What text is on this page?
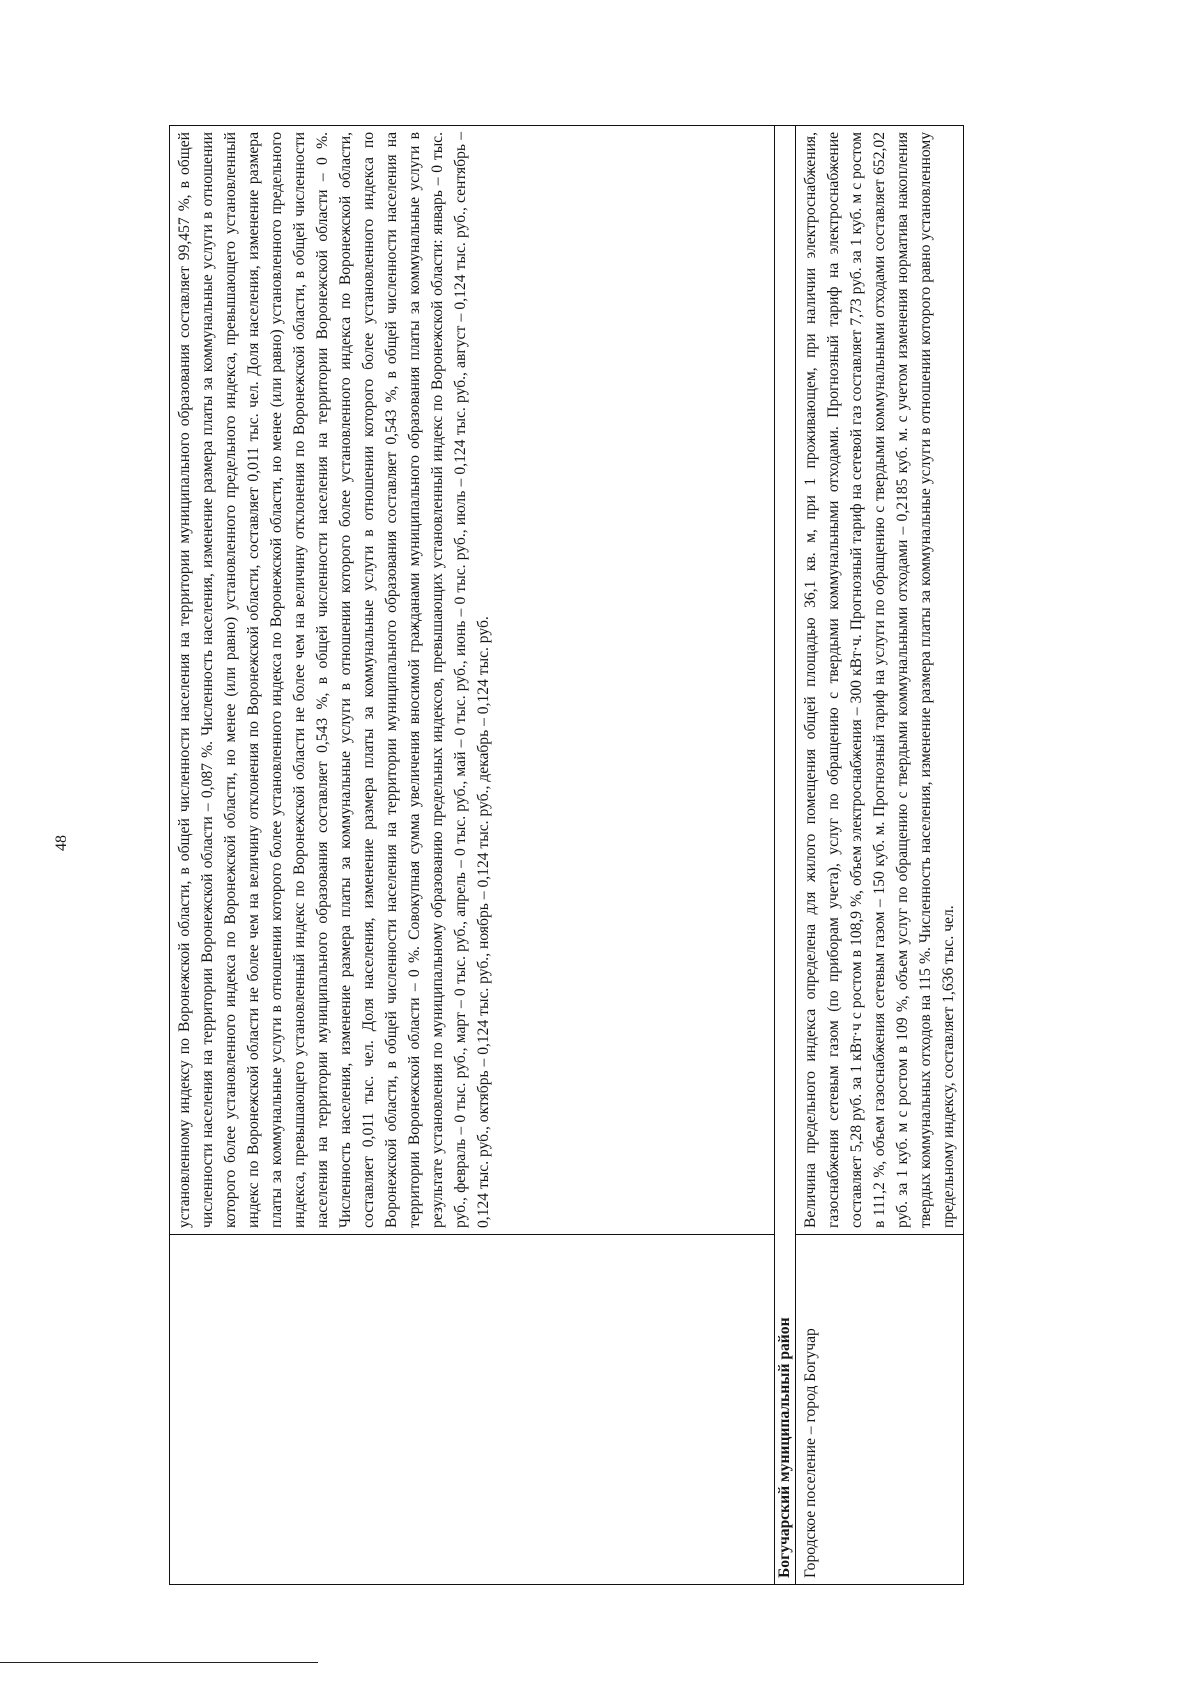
48

	установленному индексу по Воронежской области, в общей численности населения на территории муниципального образования составляет 99,457 %, в общей численности населения на территории Воронежской области – 0,087 %. Численность населения, изменение размера платы за коммунальные услуги в отношении которого более установленного индекса по Воронежской области, но менее (или равно) установленного предельного индекса, превышающего установленный индекс по Воронежской области не более чем на величину отклонения по Воронежской области, составляет 0,011 тыс. чел. Доля населения, изменение размера платы за коммунальные услуги в отношении которого более установленного индекса по Воронежской области, но менее (или равно) установленного предельного индекса, превышающего установленный индекс по Воронежской области не более чем на величину отклонения по Воронежской области, в общей численности населения на территории муниципального образования составляет 0,543 %, в общей численности населения на территории Воронежской области – 0 %. Численность населения, изменение размера платы за коммунальные услуги в отношении которого более установленного индекса по Воронежской области, составляет 0,011 тыс. чел. Доля населения, изменение размера платы за коммунальные услуги в отношении которого более установленного индекса по Воронежской области, в общей численности населения на территории муниципального образования составляет 0,543 %, в общей численности населения на территории Воронежской области – 0 %. Совокупная сумма увеличения вносимой гражданами муниципального образования платы за коммунальные услуги в результате установления по муниципальному образованию предельных индексов, превышающих установленный индекс по Воронежской области: январь – 0 тыс. руб., февраль – 0 тыс. руб., март – 0 тыс. руб., апрель – 0 тыс. руб., май – 0 тыс. руб., июнь – 0 тыс. руб., июль – 0,124 тыс. руб., август – 0,124 тыс. руб., сентябрь – 0,124 тыс. руб., октябрь – 0,124 тыс. руб., ноябрь – 0,124 тыс. руб., декабрь – 0,124 тыс. руб.

Богучарский муниципальный район	
Городское поселение – город Богучар	Величина предельного индекса определена для жилого помещения общей площадью 36,1 кв. м, при 1 проживающем, при наличии электроснабжения, газоснабжения сетевым газом (по приборам учета), услуг по обращению с твердыми коммунальными отходами. Прогнозный тариф на электроснабжение составляет 5,28 руб. за 1 кВт·ч с ростом в 108,9 %, объем электроснабжения – 300 кВт·ч. Прогнозный тариф на сетевой газ составляет 7,73 руб. за 1 куб. м с ростом в 111,2 %, объем газоснабжения сетевым газом – 150 куб. м. Прогнозный тариф на услуги по обращению с твердыми коммунальными отходами составляет 652,02 руб. за 1 куб. м с ростом в 109 %, объем услуг по обращению с твердыми коммунальными отходами – 0,2185 куб. м. с учетом изменения норматива накопления твердых коммунальных отходов на 115 %. Численность населения, изменение размера платы за коммунальные услуги в отношении которого равно установленному предельному индексу, составляет 1,636 тыс. чел.
